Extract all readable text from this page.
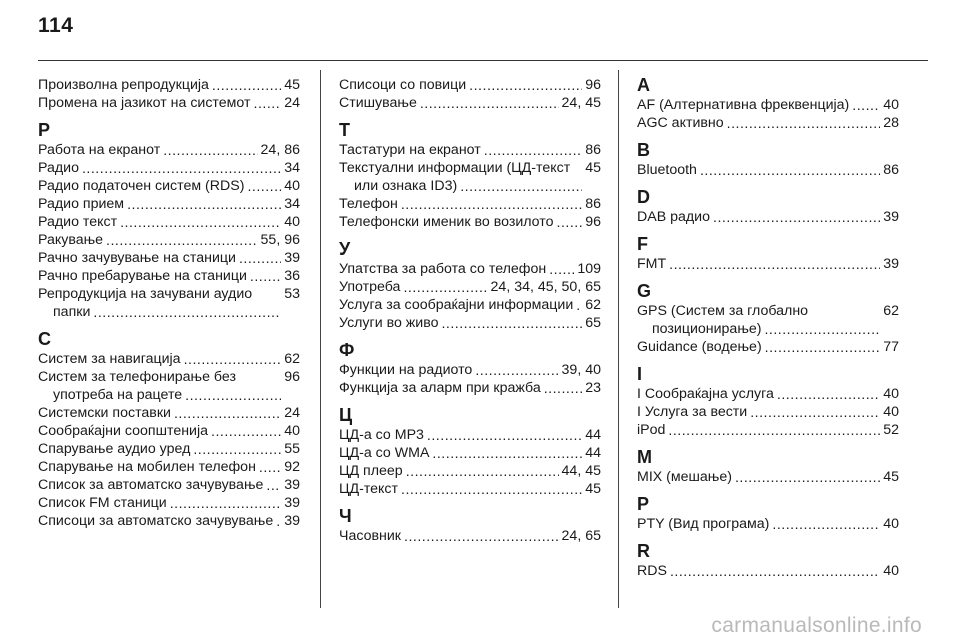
114
45
Произволна репродукција
.....
24
Промена на јазикот на системот
.....
Р
24, 86
Работа на екранот
.....
34
Радио
.....
40
Радио податочен систем (RDS)
.....
34
Радио прием
.....
40
Радио текст
.....
55, 96
Ракување
.....
39
Рачно зачувување на станици
.....
36
Рачно пребарување на станици
.....
53
Репродукција на зачувани аудио папки
.....
С
62
Систем за навигација
.....
96
Систем за телефонирање без употреба на рацете
.....
24
Системски поставки
.....
40
Сообраќајни соопштенија
.....
55
Спарување аудио уред
.....
92
Спарување на мобилен телефон
.....
39
Список за автоматско зачувување
.....
39
Список FM станици
.....
39
Списоци за автоматско зачувување
.....
96
Списоци со повици
.....
24, 45
Стишување
.....
Т
86
Тастатури на екранот
.....
45
Текстуални информации (ЦД-текст или ознака ID3)
.....
86
Телефон
.....
96
Телефонски именик во возилото
.....
У
109
Упатства за работа со телефон
.....
24, 34, 45, 50, 65
Употреба
.....
62
Услуга за сообраќајни информации
.....
65
Услуги во живо
.....
Ф
39, 40
Функции на радиото
.....
23
Функција за аларм при кражба
.....
Ц
44
ЦД-а со MP3
.....
44
ЦД-а со WMA
.....
44, 45
ЦД плеер
.....
45
ЦД-текст
.....
Ч
24, 65
Часовник
.....
A
40
AF (Алтернативна фреквенција)
.....
28
AGC активно
.....
B
86
Bluetooth
.....
D
39
DAB радио
.....
F
39
FMT
.....
G
62
GPS (Систем за глобално позиционирање)
.....
77
Guidance (водење)
.....
I
40
I Сообраќајна услуга
.....
40
I Услуга за вести
.....
52
iPod
.....
M
45
MIX (мешање)
.....
P
40
PTY (Вид програма)
.....
R
40
RDS
.....
carmanualsonline.info
